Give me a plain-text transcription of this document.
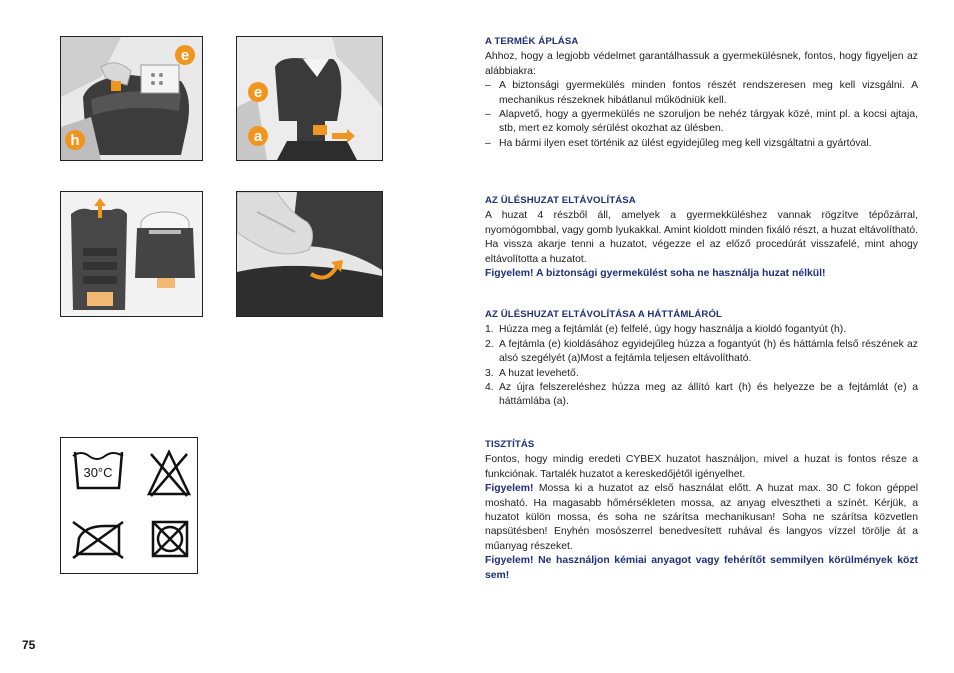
e
h
e
a
30°C
A TERMÉK ÁPLÁSA

Ahhoz, hogy a legjobb védelmet garantálhassuk a gyermekülésnek, fontos, hogy figyeljen az alábbiakra:

– A biztonsági gyermekülés minden fontos részét rendszeresen meg kell vizsgálni. A mechanikus részeknek hibátlanul működniük kell.
– Alapvető, hogy a gyermekülés ne szoruljon be nehéz tárgyak közé, mint pl. a kocsi ajtaja, stb, mert ez komoly sérülést okozhat az ülésben.
– Ha bármi ilyen eset történik az ülést egyidejűleg meg kell vizsgáltatni a gyártóval.
AZ ÜLÉSHUZAT ELTÁVOLÍTÁSA

A huzat 4 részből áll, amelyek a gyermekküléshez vannak rögzítve tépőzárral, nyomógombbal, vagy gomb lyukakkal. Amint kioldott minden fixáló részt, a huzat eltávolítható. Ha vissza akarje tenni a huzatot, végezze el az előző procedúrát visszafelé, mint ahogy eltávolította a huzatot.

Figyelem! A biztonsági gyermekülést soha ne használja huzat nélkül!

AZ ÜLÉSHUZAT ELTÁVOLÍTÁSA A HÁTTÁMLÁRÓL
1. Húzza meg a fejtámlát (e) felfelé, úgy hogy használja a kioldó fogantyút (h).
2. A fejtámla (e) kioldásához egyidejűleg húzza a fogantyút (h) és háttámla felső részének az alsó szegélyét (a)Most a fejtámla teljesen eltávolítható.
3. A huzat levehető.
4. Az újra felszereléshez húzza meg az állító kart (h) és helyezze be a fejtámlát (e) a háttámlába (a).
TISZTÍTÁS

Fontos, hogy mindig eredeti CYBEX huzatot használjon, mivel a huzat is fontos része a funkciónak. Tartalék huzatot a kereskedőjétől igényelhet.

Figyelem! Mossa ki a huzatot az első használat előtt. A huzat max. 30 C fokon géppel mosható. Ha magasabb hőmérsékleten mossa, az anyag elvesztheti a színét. Kérjük, a huzatot külön mossa, és soha ne szárítsa mechanikusan! Soha ne szárítsa közvetlen napsütésben! Enyhén mosószerrel benedvesített ruhával és langyos vízzel törölje át a műanyag részeket.

Figyelem! Ne használjon kémiai anyagot vagy fehérítőt semmilyen körülmények közt sem!

75
